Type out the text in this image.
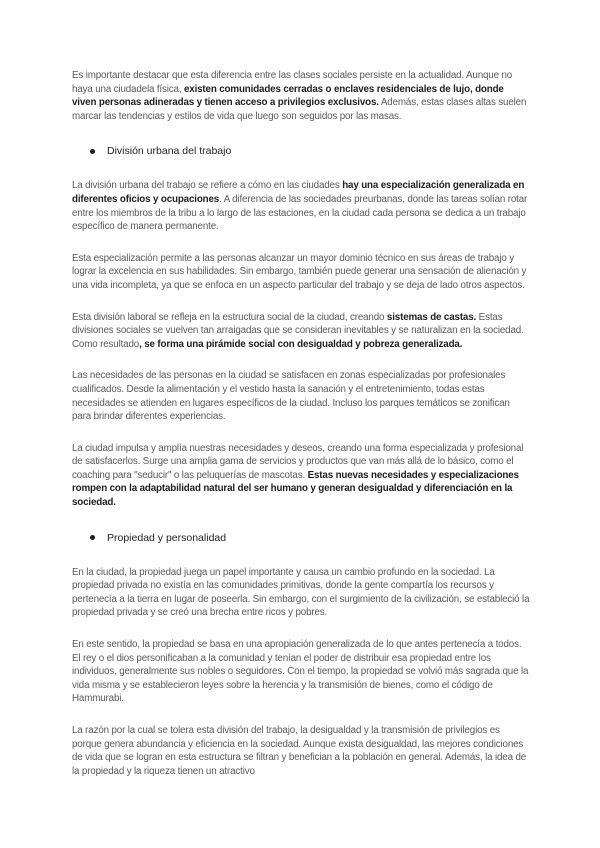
Es importante destacar que esta diferencia entre las clases sociales persiste en la actualidad. Aunque no haya una ciudadela física, existen comunidades cerradas o enclaves residenciales de lujo, donde viven personas adineradas y tienen acceso a privilegios exclusivos. Además, estas clases altas suelen marcar las tendencias y estilos de vida que luego son seguidos por las masas.

División urbana del trabajo

La división urbana del trabajo se refiere a cómo en las ciudades hay una especialización generalizada en diferentes oficios y ocupaciones. A diferencia de las sociedades preurbanas, donde las tareas solían rotar entre los miembros de la tribu a lo largo de las estaciones, en la ciudad cada persona se dedica a un trabajo específico de manera permanente.

Esta especialización permite a las personas alcanzar un mayor dominio técnico en sus áreas de trabajo y lograr la excelencia en sus habilidades. Sin embargo, también puede generar una sensación de alienación y una vida incompleta, ya que se enfoca en un aspecto particular del trabajo y se deja de lado otros aspectos.

Esta división laboral se refleja en la estructura social de la ciudad, creando sistemas de castas. Estas divisiones sociales se vuelven tan arraigadas que se consideran inevitables y se naturalizan en la sociedad. Como resultado, se forma una pirámide social con desigualdad y pobreza generalizada.

Las necesidades de las personas en la ciudad se satisfacen en zonas especializadas por profesionales cualificados. Desde la alimentación y el vestido hasta la sanación y el entretenimiento, todas estas necesidades se atienden en lugares específicos de la ciudad. Incluso los parques temáticos se zonifican para brindar diferentes experiencias.

La ciudad impulsa y amplía nuestras necesidades y deseos, creando una forma especializada y profesional de satisfacerlos. Surge una amplia gama de servicios y productos que van más allá de lo básico, como el coaching para "seducir" o las peluquerías de mascotas. Estas nuevas necesidades y especializaciones rompen con la adaptabilidad natural del ser humano y generan desigualdad y diferenciación en la sociedad.

Propiedad y personalidad

En la ciudad, la propiedad juega un papel importante y causa un cambio profundo en la sociedad. La propiedad privada no existía en las comunidades primitivas, donde la gente compartía los recursos y pertenecía a la tierra en lugar de poseerla. Sin embargo, con el surgimiento de la civilización, se estableció la propiedad privada y se creó una brecha entre ricos y pobres.

En este sentido, la propiedad se basa en una apropiación generalizada de lo que antes pertenecía a todos. El rey o el dios personificaban a la comunidad y tenían el poder de distribuir esa propiedad entre los individuos, generalmente sus nobles o seguidores. Con el tiempo, la propiedad se volvió más sagrada que la vida misma y se establecieron leyes sobre la herencia y la transmisión de bienes, como el código de Hammurabi.

La razón por la cual se tolera esta división del trabajo, la desigualdad y la transmisión de privilegios es porque genera abundancia y eficiencia en la sociedad. Aunque exista desigualdad, las mejores condiciones de vida que se logran en esta estructura se filtran y benefician a la población en general. Además, la idea de la propiedad y la riqueza tienen un atractivo
